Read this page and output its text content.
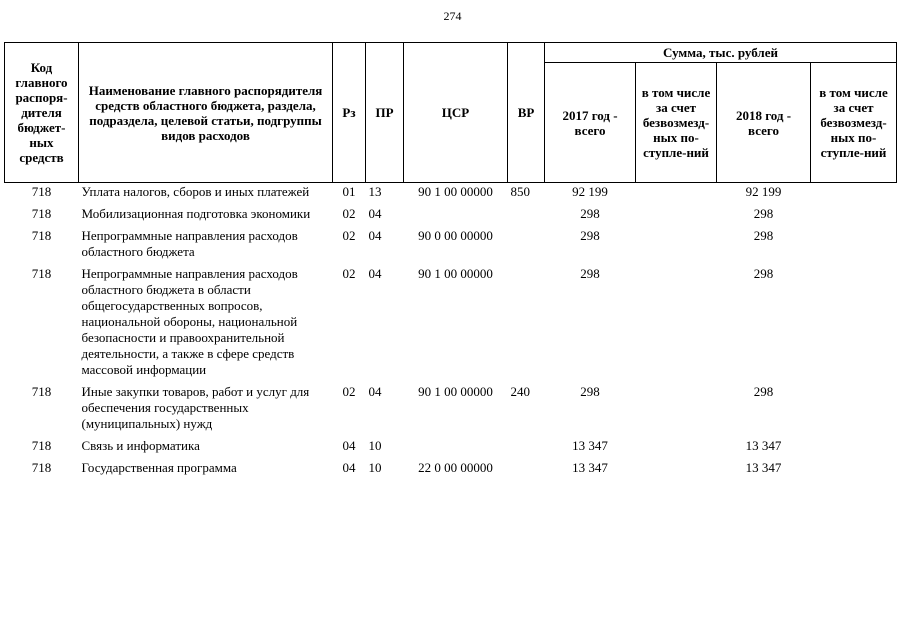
274
Код главного распоря-дителя бюджет-ных средств	Наименование главного распорядителя средств областного бюджета, раздела, подраздела, целевой статьи, подгруппы видов расходов	Рз	ПР	ЦСР	ВР	Сумма, тыс. рублей			
						2017 год - всего	в том числе за счет безвозмезд-ных по-ступле-ний	2018 год - всего	в том числе за счет безвозмезд-ных по-ступле-ний
718	Уплата налогов, сборов и иных платежей	01	13	90 1 00 00000	850	92 199		92 199	
718	Мобилизационная подготовка экономики	02	04			298		298	
718	Непрограммные направления расходов областного бюджета	02	04	90 0 00 00000		298		298	
718	Непрограммные направления расходов областного бюджета в области общегосударственных вопросов, национальной обороны, национальной безопасности и правоохранительной деятельности, а также в сфере средств массовой информации	02	04	90 1 00 00000		298		298	
718	Иные закупки товаров, работ и услуг для обеспечения государственных (муниципальных) нужд	02	04	90 1 00 00000	240	298		298	
718	Связь и информатика	04	10			13 347		13 347	
718	Государственная программа	04	10	22 0 00 00000		13 347		13 347	
